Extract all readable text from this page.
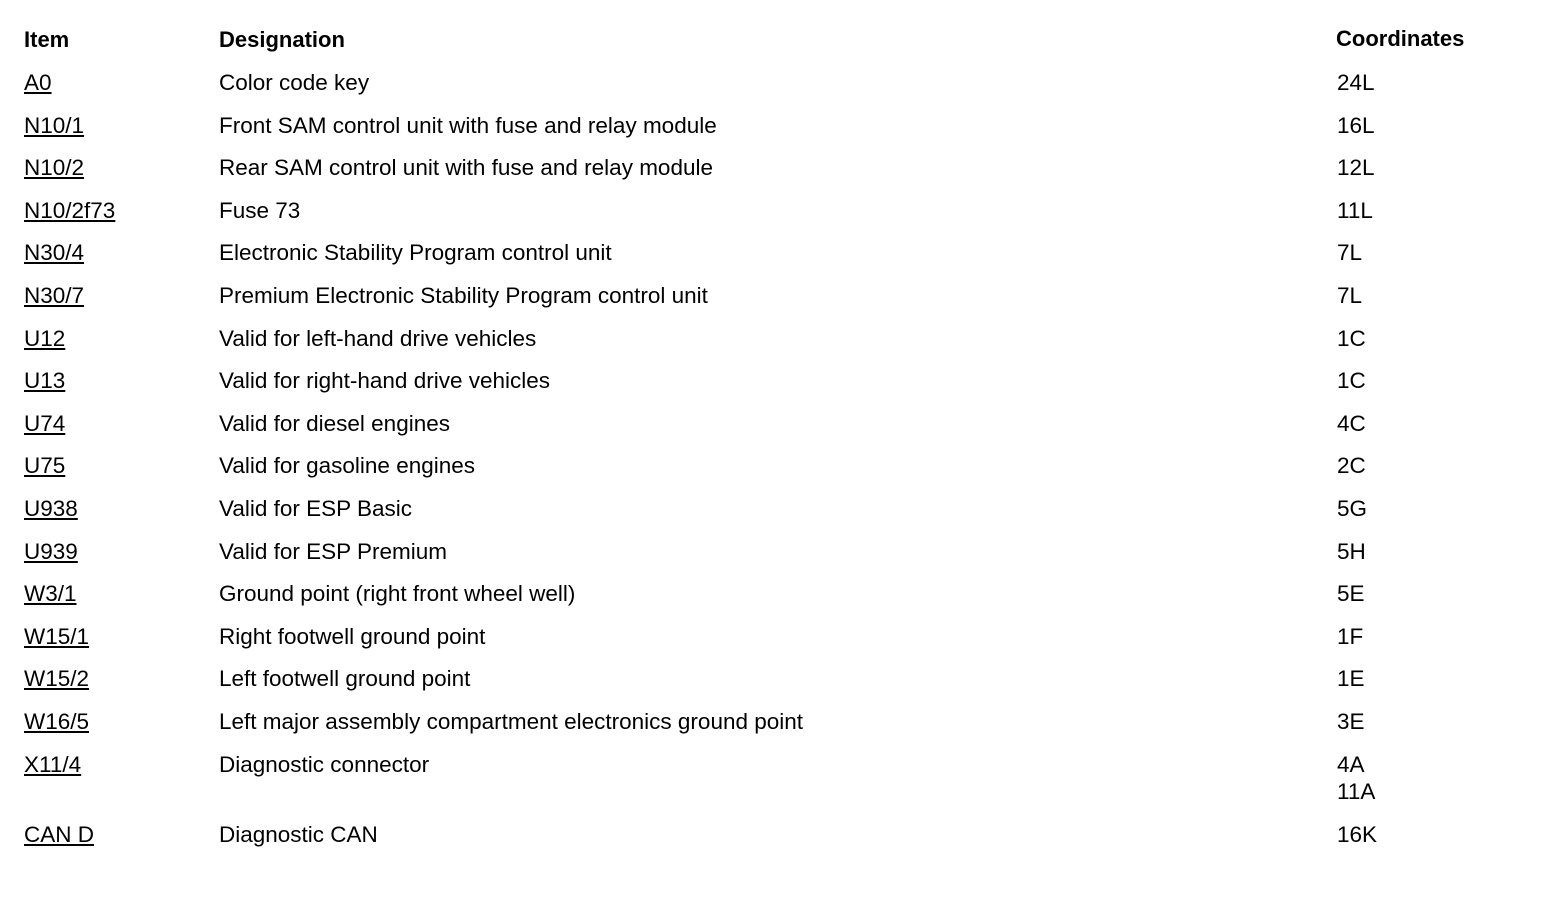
Item	Designation	Coordinates
A0	Color code key	24L
N10/1	Front SAM control unit with fuse and relay module	16L
N10/2	Rear SAM control unit with fuse and relay module	12L
N10/2f73	Fuse 73	11L
N30/4	Electronic Stability Program control unit	7L
N30/7	Premium Electronic Stability Program control unit	7L
U12	Valid for left-hand drive vehicles	1C
U13	Valid for right-hand drive vehicles	1C
U74	Valid for diesel engines	4C
U75	Valid for gasoline engines	2C
U938	Valid for ESP Basic	5G
U939	Valid for ESP Premium	5H
W3/1	Ground point (right front wheel well)	5E
W15/1	Right footwell ground point	1F
W15/2	Left footwell ground point	1E
W16/5	Left major assembly compartment electronics ground point	3E
X11/4	Diagnostic connector	4A
11A
CAN D	Diagnostic CAN	16K
